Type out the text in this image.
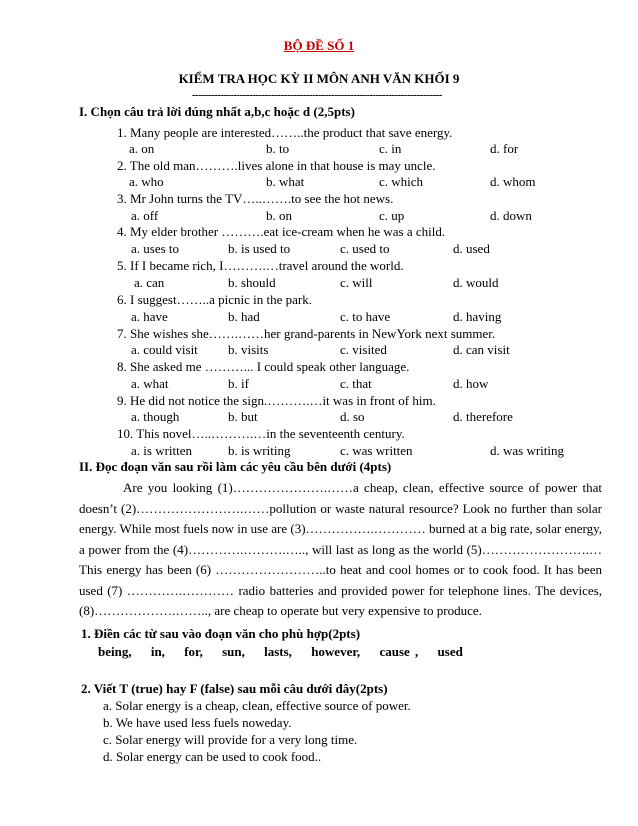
BỘ ĐỀ SỐ 1
KIỂM TRA HỌC KỲ II MÔN ANH VĂN KHỐI 9
-------------------------------------------------------------------------------
I. Chọn câu trả lời đúng nhất a,b,c hoặc d (2,5pts)
1. Many people are interested……..the product that save energy.
a. on	b. to	c. in	d. for
2. The old man……….lives alone in that house is may uncle.
a. who	b. what	c. which	d. whom
3. Mr John turns the TV…..…….to see the hot news.
a. off	b. on	c. up	d. down
4. My elder brother ……….eat ice-cream when he was a child.
a. uses to	b. is used to	c. used to	d. used
5. If I became rich, I……….…travel around the world.
a. can	b. should	c. will	d. would
6. I suggest……..a picnic in the park.
a. have	b. had	c. to have	d. having
7. She wishes she…….……her grand-parents in NewYork next summer.
a. could visit b. visits	c. visited	d. can visit
8. She asked me ………... I could speak other language.
a. what	b. if	c. that	d. how
9. He did not notice the sign.……….…it was in front of him.
a. though	b. but	d. so	d. therefore
10. This novel…..……….…in the seventeenth century.
a. is written	b. is writing	c. was written	d. was writing
II. Đọc đoạn văn sau rồi làm các yêu cầu bên dưới (4pts)
Are you looking (1)………………….……a cheap, clean, effective source of power that doesn’t (2)…………………….……pollution or waste natural resource? Look no further than solar energy. While most fuels now in use are (3)…………….………… burned at a big rate, solar energy, a power from the (4)………….……….….., will last as long as the world (5)…………………….…This energy has been (6) ……………………..to heat and cool homes or to cook food. It has been used (7) ………….………… radio batteries and provided power for telephone lines. The devices, (8)……………….…….., are cheap to operate but very expensive to produce.
1. Điền các từ sau vào đoạn văn cho phù hợp(2pts)
being, in, for, sun, lasts, however, cause , used
2. Viết T (true) hay F (false) sau mỗi câu dưới đây(2pts)
a. Solar energy is a cheap, clean, effective source of power.
b. We have used less fuels noweday.
c. Solar energy will provide for a very long time.
d. Solar energy can be used to cook food..
